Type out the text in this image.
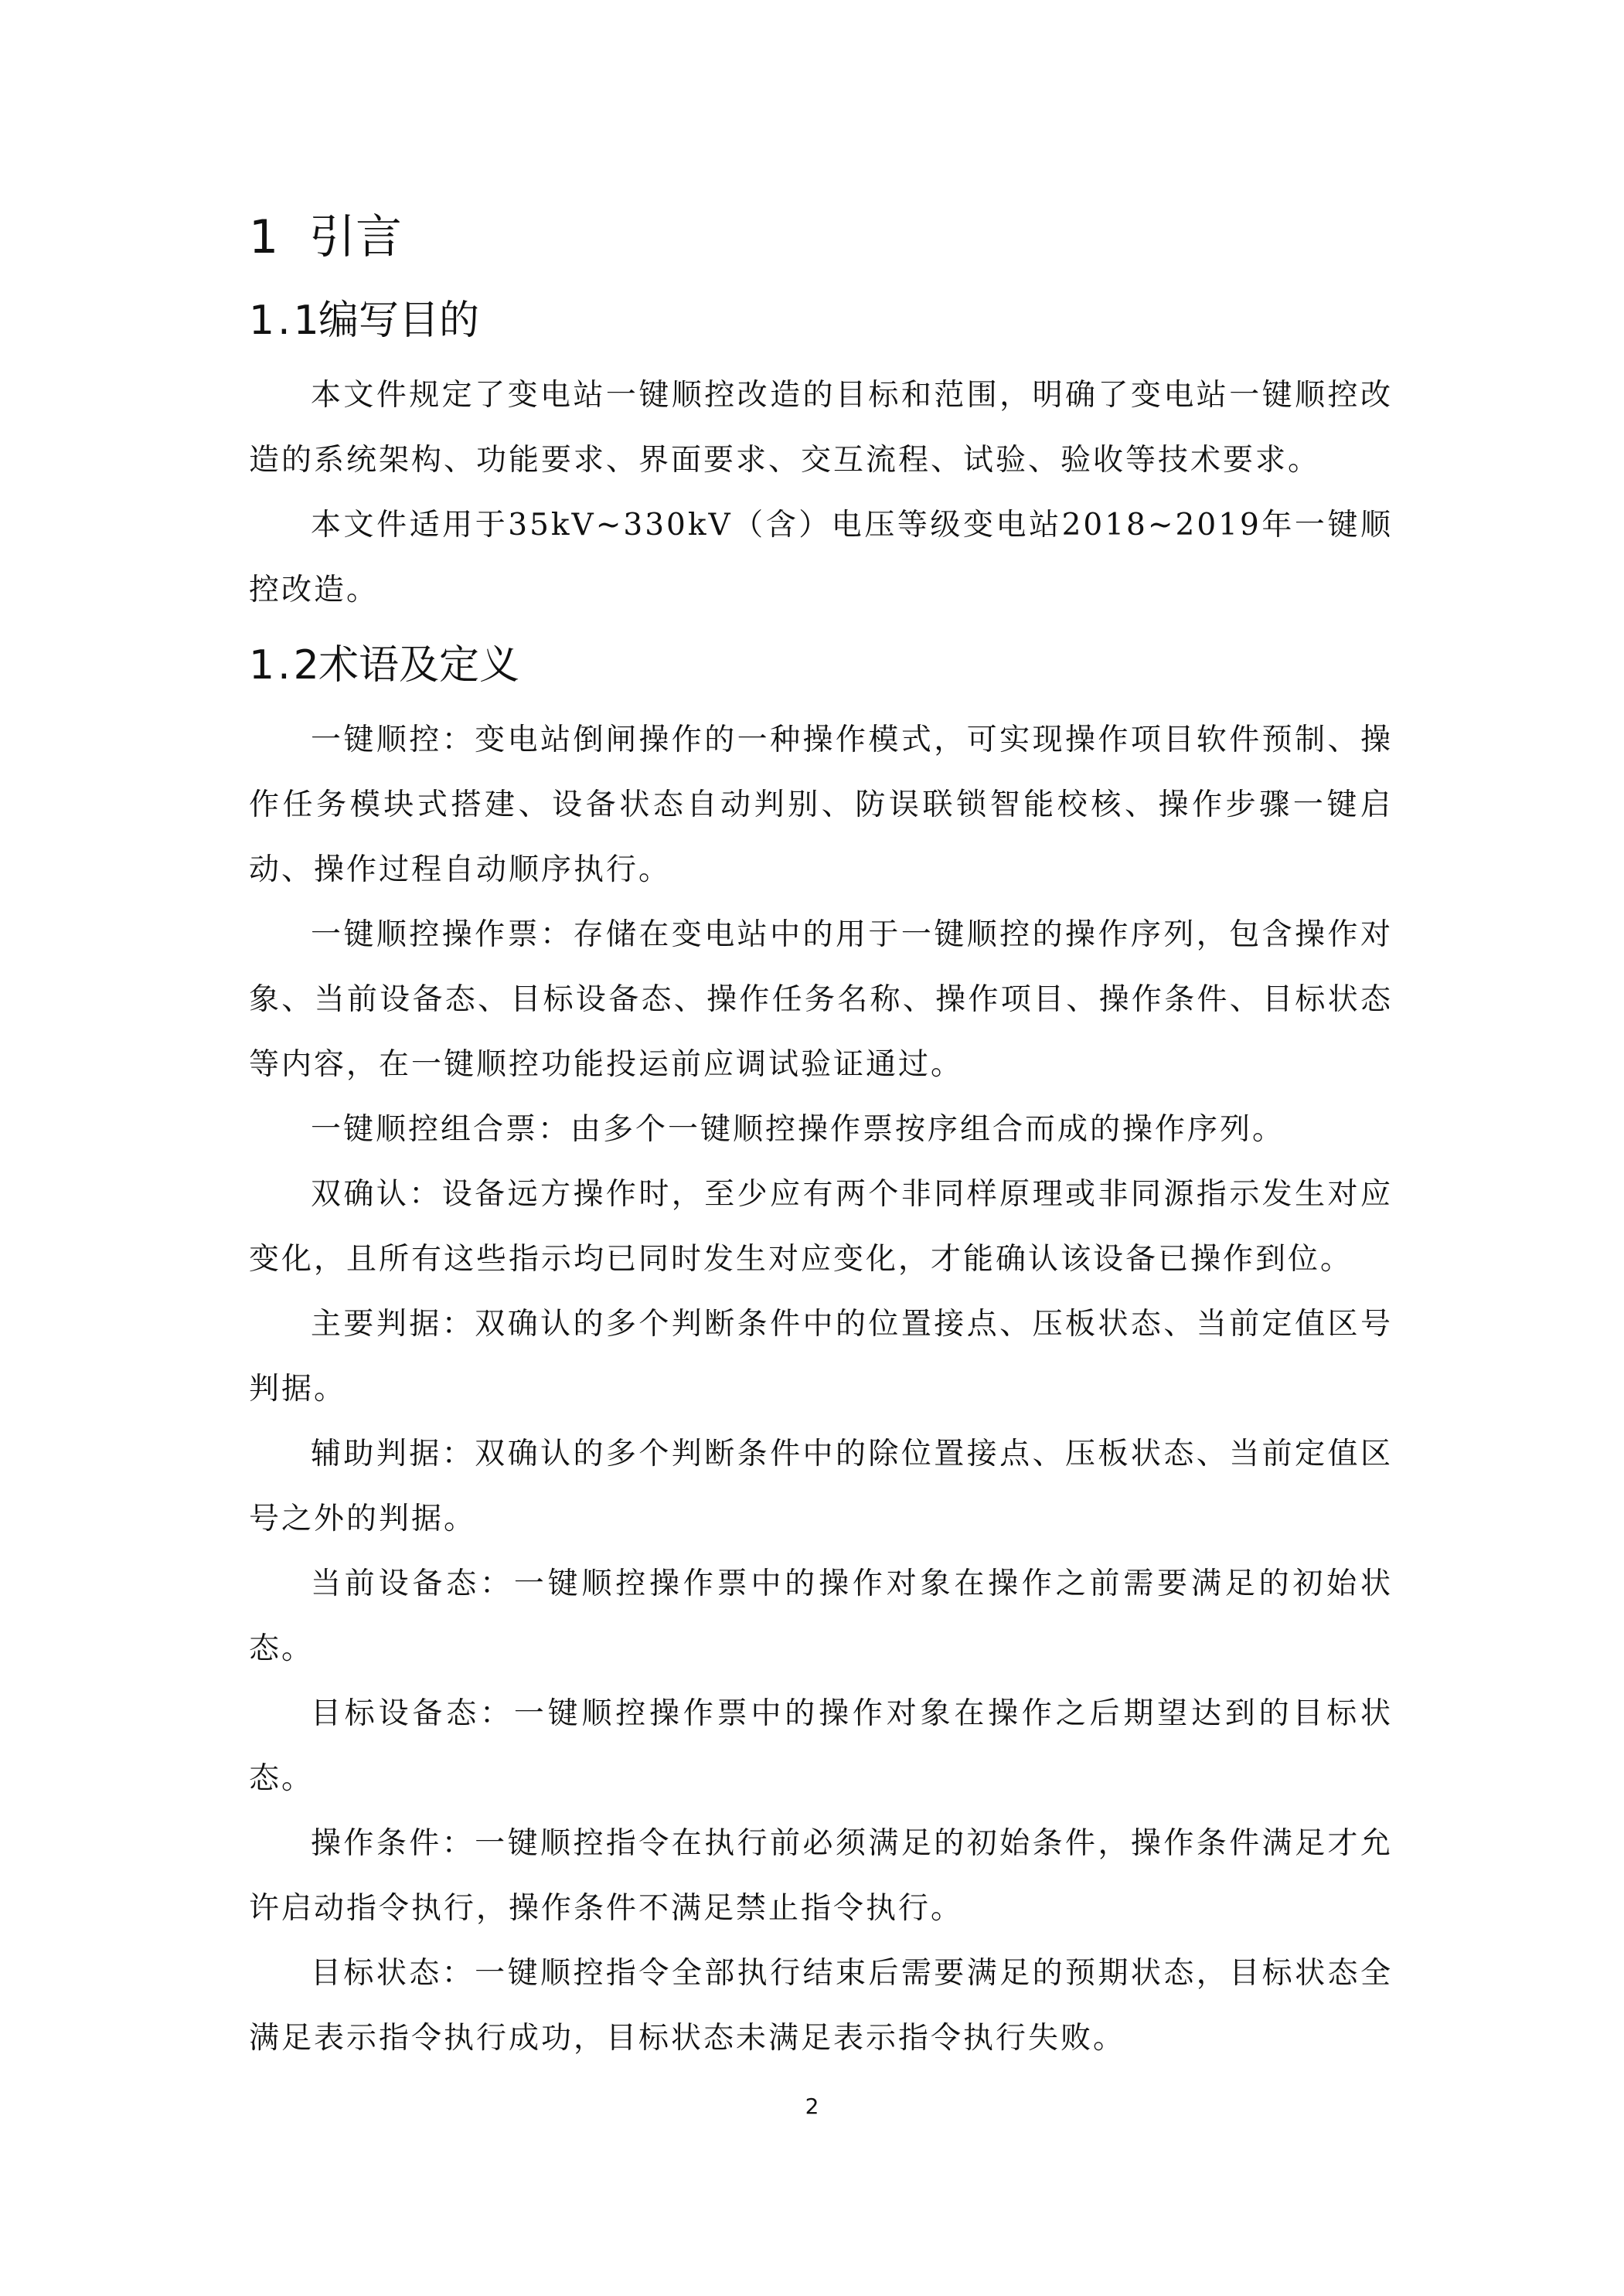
1 引言
1.1编写目的

本文件规定了变电站一键顺控改造的目标和范围，明确了变电站一键顺控改造的系统架构、功能要求、界面要求、交互流程、试验、验收等技术要求。

本文件适用于35kV~330kV（含）电压等级变电站2018~2019年一键顺控改造。

1.2术语及定义

一键顺控：变电站倒闸操作的一种操作模式，可实现操作项目软件预制、操作任务模块式搭建、设备状态自动判别、防误联锁智能校核、操作步骤一键启动、操作过程自动顺序执行。

一键顺控操作票：存储在变电站中的用于一键顺控的操作序列，包含操作对象、当前设备态、目标设备态、操作任务名称、操作项目、操作条件、目标状态等内容，在一键顺控功能投运前应调试验证通过。

一键顺控组合票：由多个一键顺控操作票按序组合而成的操作序列。

双确认：设备远方操作时，至少应有两个非同样原理或非同源指示发生对应变化，且所有这些指示均已同时发生对应变化，才能确认该设备已操作到位。

主要判据：双确认的多个判断条件中的位置接点、压板状态、当前定值区号判据。

辅助判据：双确认的多个判断条件中的除位置接点、压板状态、当前定值区号之外的判据。

当前设备态：一键顺控操作票中的操作对象在操作之前需要满足的初始状态。

目标设备态：一键顺控操作票中的操作对象在操作之后期望达到的目标状态。

操作条件：一键顺控指令在执行前必须满足的初始条件，操作条件满足才允许启动指令执行，操作条件不满足禁止指令执行。

目标状态：一键顺控指令全部执行结束后需要满足的预期状态，目标状态全满足表示指令执行成功，目标状态未满足表示指令执行失败。

2
